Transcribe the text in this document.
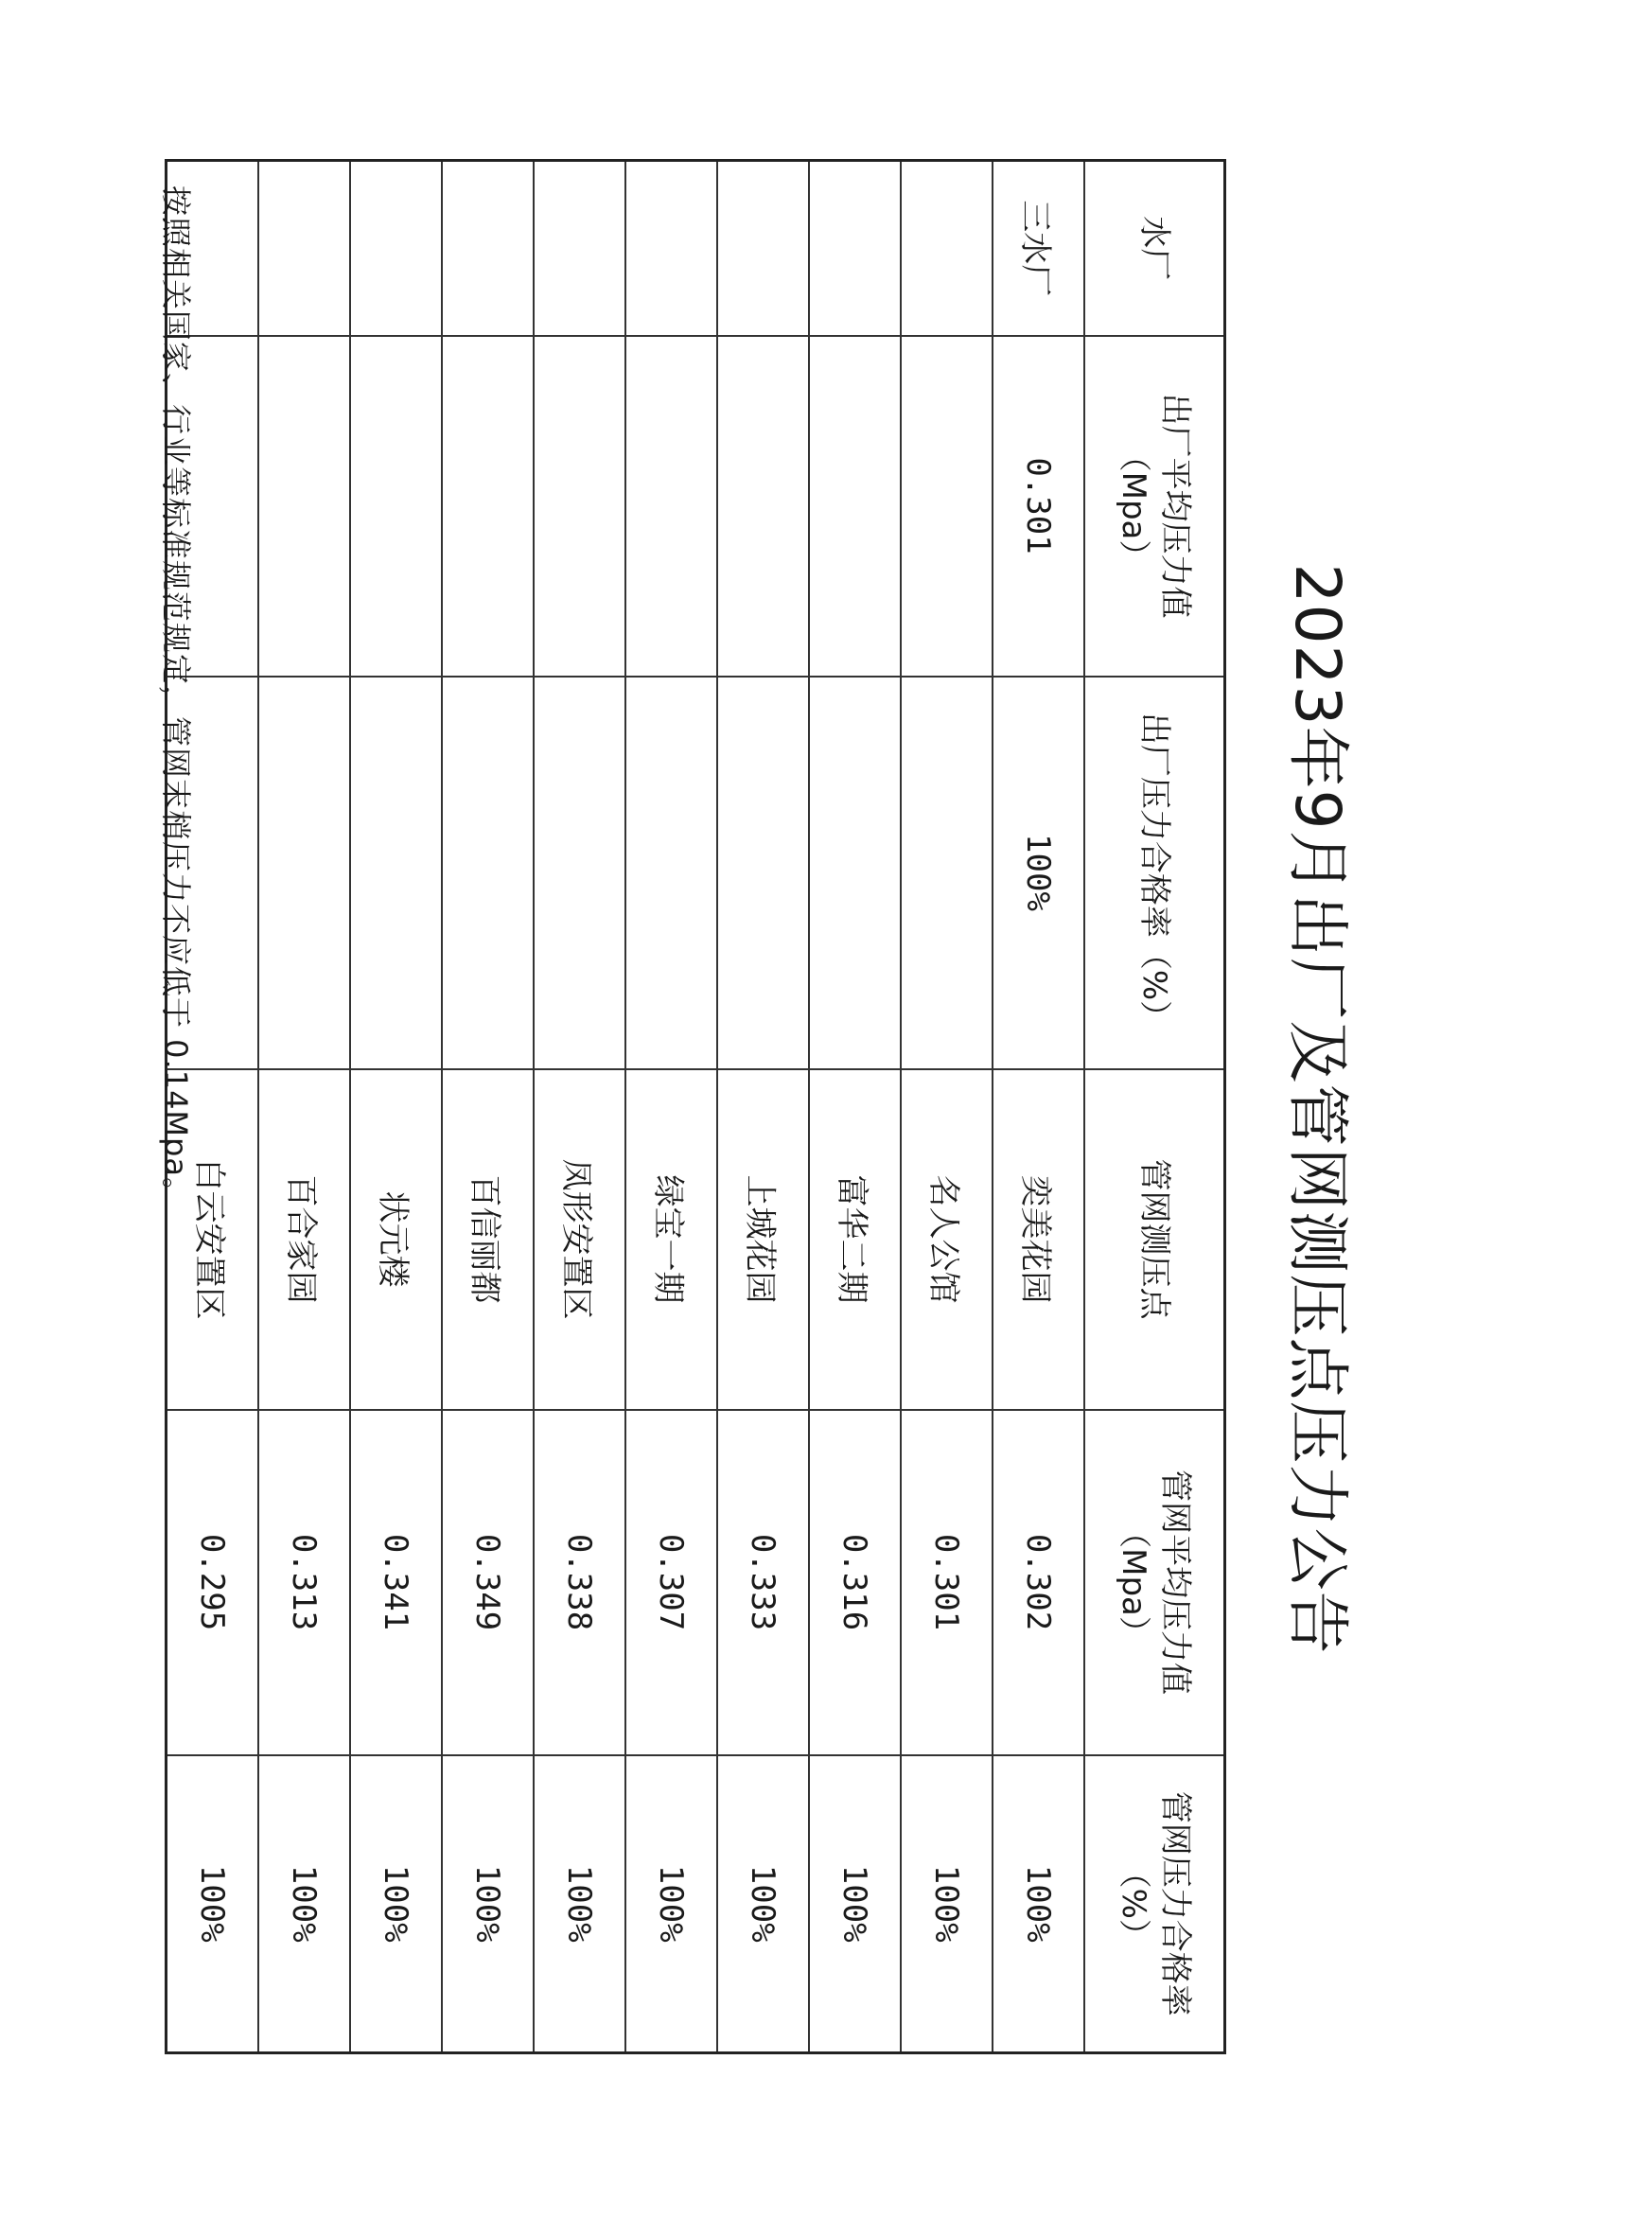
2023年9月出厂及管网测压点压力公告
水厂	出厂平均压力值（Mpa）	出厂压力合格率（%）	管网测压点	管网平均压力值（Mpa）	管网压力合格率（%）
三水厂	0.301	100%	奕美花园	0.302	100%
			名人公馆	0.301	100%
			富华二期	0.316	100%
			上城花园	0.333	100%
			绿宝一期	0.307	100%
			凤形安置区	0.338	100%
			百信丽都	0.349	100%
			状元楼	0.341	100%
			百合家园	0.313	100%
			白云安置区	0.295	100%
按照相关国家、行业等标准规范规定，管网末梢压力不应低于 0.14Mpa。
